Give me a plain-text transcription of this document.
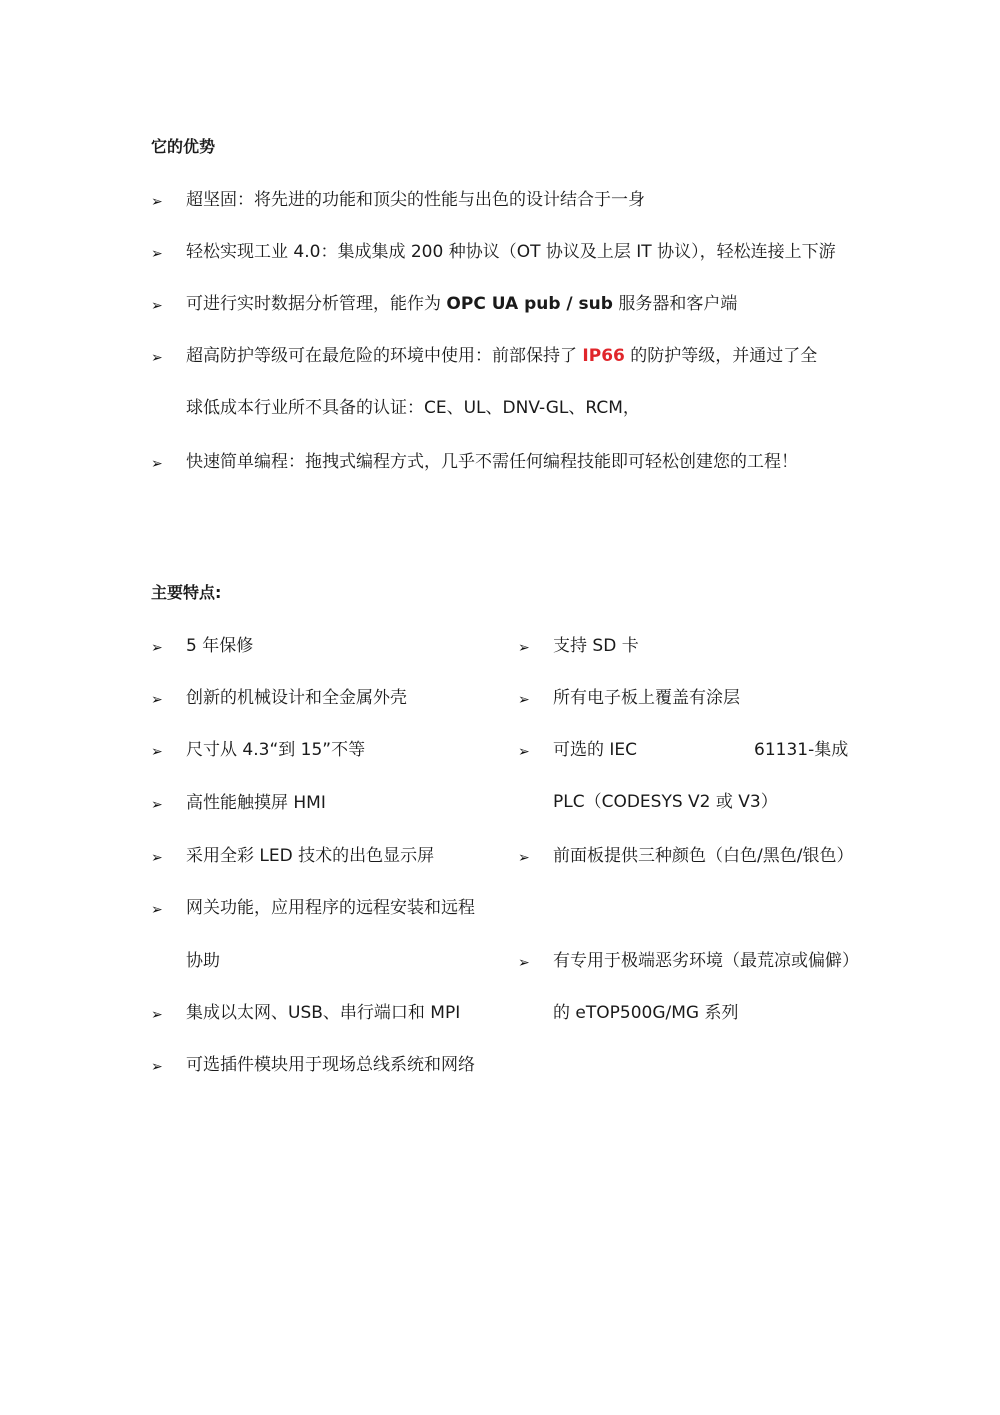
它的优势
➢ 超坚固：将先进的功能和顶尖的性能与出色的设计结合于一身
➢ 轻松实现工业 4.0：集成集成 200 种协议（OT 协议及上层 IT 协议），轻松连接上下游
➢ 可进行实时数据分析管理，能作为 OPC UA pub / sub 服务器和客户端
➢ 超高防护等级可在最危险的环境中使用：前部保持了 IP66 的防护等级，并通过了全
球低成本行业所不具备的认证：CE、UL、DNV-GL、RCM，
➢ 快速简单编程：拖拽式编程方式，几乎不需任何编程技能即可轻松创建您的工程！
主要特点:
➢ 5 年保修
➢ 创新的机械设计和全金属外壳
➢ 尺寸从 4.3“到 15”不等
➢ 高性能触摸屏 HMI
➢ 采用全彩 LED 技术的出色显示屏
➢ 网关功能，应用程序的远程安装和远程
协助
➢ 集成以太网、USB、串行端口和 MPI
➢ 可选插件模块用于现场总线系统和网络
➢ 支持 SD 卡
➢ 所有电子板上覆盖有涂层
➢ 可选的 IEC	61131-集成
PLC（CODESYS V2 或 V3）
➢ 前面板提供三种颜色（白色/黑色/银色）
➢ 有专用于极端恶劣环境（最荒凉或偏僻）
的 eTOP500G/MG 系列
